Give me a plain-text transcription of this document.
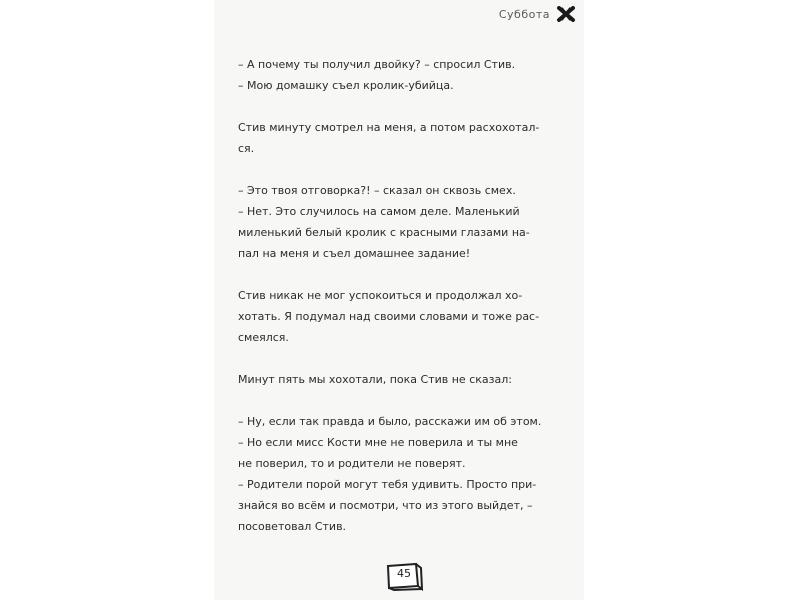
Суббота
– А почему ты получил двойку? – спросил Стив.
– Мою домашку съел кролик-убийца.
Стив минуту смотрел на меня, а потом расхохотал-
ся.
– Это твоя отговорка?! – сказал он сквозь смех.
– Нет. Это случилось на самом деле. Маленький
миленький белый кролик с красными глазами на-
пал на меня и съел домашнее задание!
Стив никак не мог успокоиться и продолжал хо-
хотать. Я подумал над своими словами и тоже рас-
смеялся.
Минут пять мы хохотали, пока Стив не сказал:
– Ну, если так правда и было, расскажи им об этом.
– Но если мисс Кости мне не поверила и ты мне
не поверил, то и родители не поверят.
– Родители порой могут тебя удивить. Просто при-
знайся во всём и посмотри, что из этого выйдет, –
посоветовал Стив.
45
